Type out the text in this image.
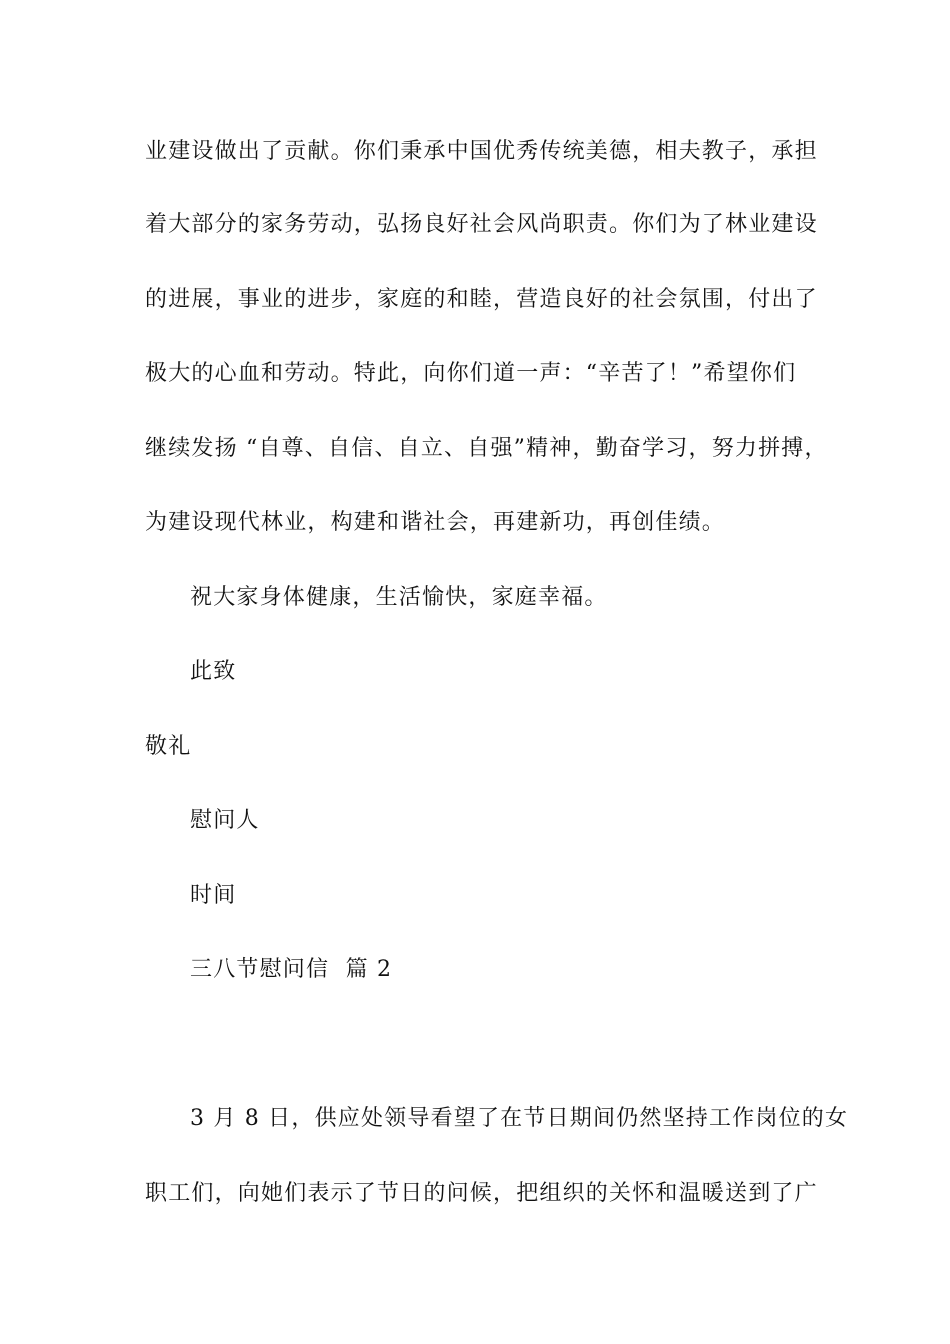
业建设做出了贡献。你们秉承中国优秀传统美德，相夫教子，承担
着大部分的家务劳动，弘扬良好社会风尚职责。你们为了林业建设
的进展，事业的进步，家庭的和睦，营造良好的社会氛围，付出了
极大的心血和劳动。特此，向你们道一声：“辛苦了！”希望你们
继续发扬 “自尊、自信、自立、自强”精神，勤奋学习，努力拼搏，
为建设现代林业，构建和谐社会，再建新功，再创佳绩。
祝大家身体健康，生活愉快，家庭幸福。
此致
敬礼
慰问人
时间
三八节慰问信  篇 2
3 月 8 日，供应处领导看望了在节日期间仍然坚持工作岗位的女
职工们，向她们表示了节日的问候，把组织的关怀和温暖送到了广
